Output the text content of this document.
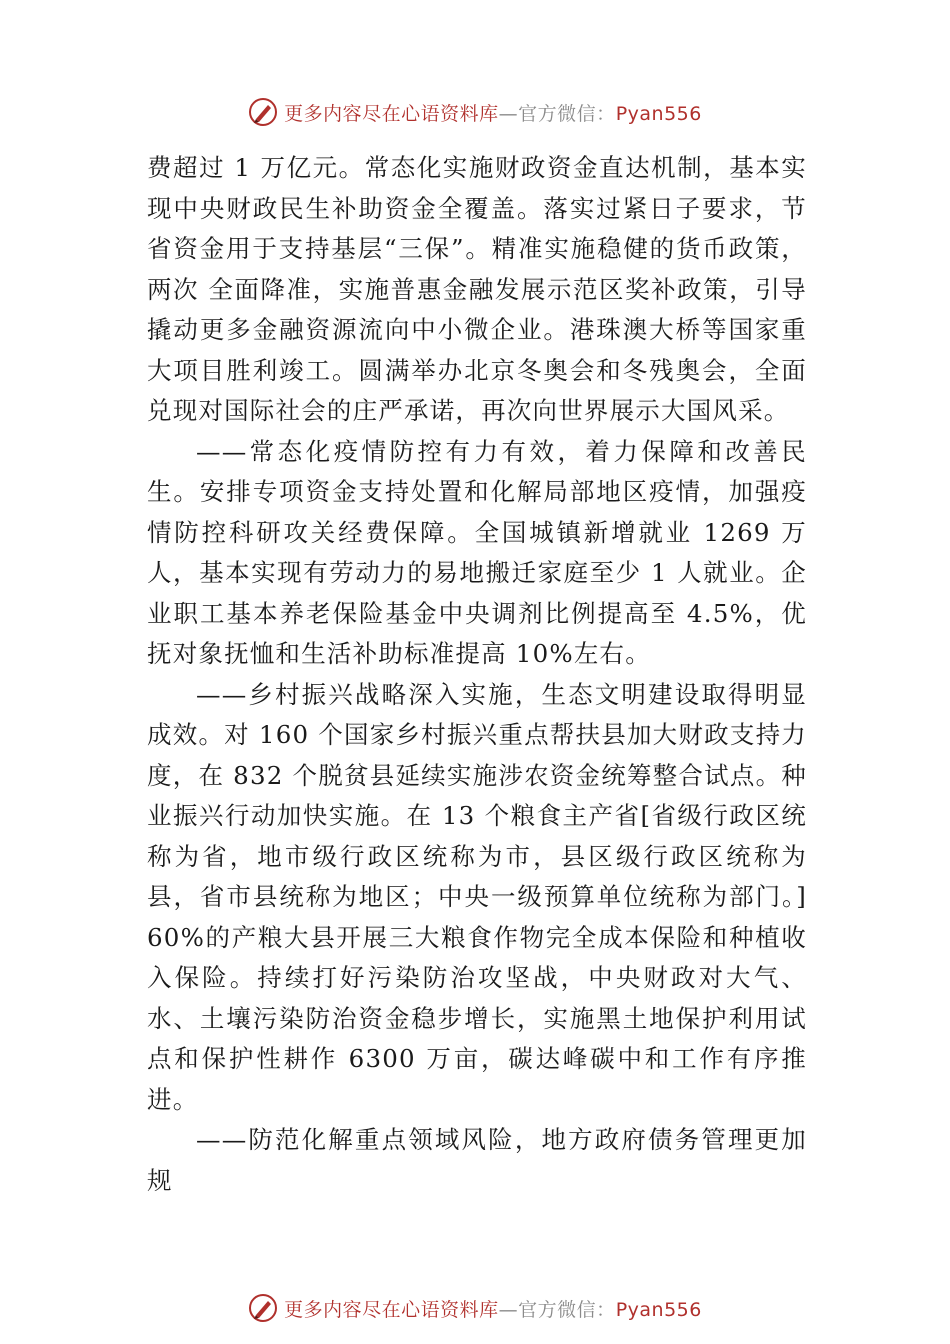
更多内容尽在心语资料库—官方微信：Pyan556

费超过 1 万亿元。常态化实施财政资金直达机制，基本实现中央财政民生补助资金全覆盖。落实过紧日子要求，节省资金用于支持基层“三保”。精准实施稳健的货币政策，两次 全面降准，实施普惠金融发展示范区奖补政策，引导撬动更多金融资源流向中小微企业。港珠澳大桥等国家重大项目胜利竣工。圆满举办北京冬奥会和冬残奥会，全面兑现对国际社会的庄严承诺，再次向世界展示大国风采。

——常态化疫情防控有力有效，着力保障和改善民生。安排专项资金支持处置和化解局部地区疫情，加强疫情防控科研攻关经费保障。全国城镇新增就业 1269 万人，基本实现有劳动力的易地搬迁家庭至少 1 人就业。企业职工基本养老保险基金中央调剂比例提高至 4.5%，优抚对象抚恤和生活补助标准提高 10%左右。

——乡村振兴战略深入实施，生态文明建设取得明显成效。对 160 个国家乡村振兴重点帮扶县加大财政支持力度，在 832 个脱贫县延续实施涉农资金统筹整合试点。种业振兴行动加快实施。在 13 个粮食主产省[省级行政区统称为省，地市级行政区统称为市，县区级行政区统称为县，省市县统称为地区；中央一级预算单位统称为部门。] 60%的产粮大县开展三大粮食作物完全成本保险和种植收入保险。持续打好污染防治攻坚战，中央财政对大气、水、土壤污染防治资金稳步增长，实施黑土地保护利用试点和保护性耕作 6300 万亩，碳达峰碳中和工作有序推进。

——防范化解重点领域风险，地方政府债务管理更加规

更多内容尽在心语资料库—官方微信：Pyan556
